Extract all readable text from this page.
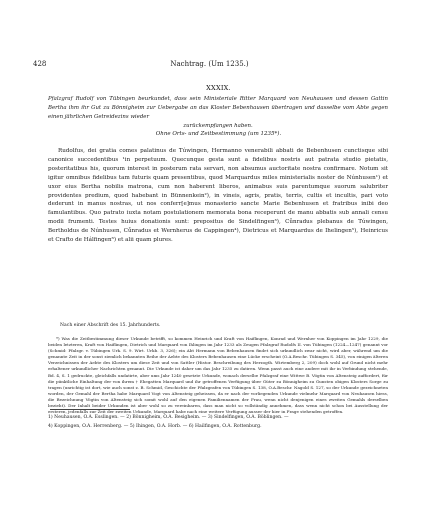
428	Nachtrag. (Um 1235.)
XXXIX.
Pfalzgraf Rudolf von Tübingen beurkundet, dass sein Ministeriale Ritter Marquard von Neuhausen und dessen Gattin Bertha ihm ihr Gut zu Bönnigheim zur Uebergabe an das Kloster Bebenhausen übertragen und dasselbe vom Abte gegen einen jährlichen Getreidezins wieder
zurückempfangen haben.
Ohne Orts- und Zeitbestimmung (um 1235*).

Rudolfus, dei gratia comes palatinus de Túwingen, Hermanno venerabili abbati de Bebenhusen cunctisque sibi canonice succedentibus ¹in perpetuum. Quecunque gesta sunt a fidelibus nostris aut patrata studio pietatis, posteritatibus his, quorum interest in posterum rata servari, non absumus auctoritate nostra confirmare. Notum sit igitur omnibus fidelibus tam futuris quam presentibus, quod Marquardus miles ministerialis noster de Núnhusen¹) et uxor eius Bertha nobilis matrona, cum non haberent liberos, animabus suis parentumque suorum salubriter providentes predium, quod habebant in Bünnenkein²), in vineis, agris, pratis, terris, cultis et incultis, pari voto dederunt in manus nostras, ut nos conferr[e]mus monasterio sancte Marie Bebenhusen et fratribus inibi deo famulantibus. Quo patrato iuxta notam postulationem memorata bona receperunt de manu abbatis sub annali censu modii frumenti. Testes huius donationis sunt: prepositus de Sindelfingen³), Cůnradus plebanus de Túwingen, Bertholdus de Núnhusen, Cůnradus et Wernherus de Cappingen⁴), Dietricus et Marquardus de Ihelingen⁵), Heinricus et Crafto de Hálfingen⁶) et alii quam plures.

Nach einer Abschrift des 15. Jahrhunderts.

*) Was die Zeitbestimmung dieser Urkunde betrifft, so kommen Heinrich und Kraft von Haiflingen, Konrad und Wernher von Koppingen im Jahr 1229, die beiden letzteren, Kraft von Haiflingen, Dietrich und Marquard von Ihlingen im Jahr 1233 als Zeugen Pfalzgraf Rudolfs II. von Tübingen (1224—1247) genannt vor (Schmid: Pfalzgr. v. Tübingen Urk. S. 9. Wirt. Urkb. 3, 326); ein Abt Hermann von Bebenhausen findet sich urkundlich zwar nicht, wird aber, während um die genannte Zeit in der sonst ziemlich bekannten Reihe der Aebte des Klosters Bebenhausen eine Lücke erscheint (O.A.Beschr. Tübingen S. 345), von einigen älteren Verzeichnissen der Aebte des Klosters um diese Zeit und von Sattler (Histor. Beschreibung des Herzogth. Wirtemberg 2, 209) doch wohl auf Grund nicht mehr erhaltener urkundlicher Nachrichten genannt. Die Urkunde ist daher um das Jahr 1235 zu datiren. Wenn passt auch eine andere mit ihr in Verbindung stehende, Bd. 4, S. 1 gedruckte, gleichfalls undatirte, aber ums Jahr 1240 gesetzte Urkunde, wonach derselbe Pfalzgraf eine Wittwe B. Vögtin von Altensteig auffordert, für die pünktliche Einhaltung der von ihrem † Ehegatten Marquard und ihr getroffenen Verfügung über Güter zu Bönnigheim zu Gunsten obigen Klosters Sorge zu tragen (unrichtig ist dort, wie auch sonst z. B. Schmid, Geschichte der Pfalzgrafen von Tübingen S. 138, O.A.Beschr. Nagold S. 127, so der Urkunde gezeichneten worden, der Gemahl der Bertha habe Marquard Vogt von Altensteig geheissen, da er nach der vorliegenden Urkunde vielmehr Marquard von Neuhausen hiess, die Bezeichnung Vögtin von Altensteig sich somit wohl auf den eigenen Familiennamen der Frau, wenn nicht denjenigen eines zweiten Gemahls derselben bezieht). Der Inhalt beider Urkunden ist aber wohl so zu vereinbaren, dass man nicht so vollständig annehmen, dass wenn nicht schon bei Ausstellung der ersteren, jedenfalls zur Zeit der zweiten Urkunde, Marquard habe nach eine weitere Verfügung ausser der hier in Frage stehenden getroffen.

1) Neuhausen, O.A. Esslingen. — 2) Bönnigheim, O.A. Besigheim. — 3) Sindelfingen, O.A. Böblingen. —
4) Koppingen, O.A. Herrenberg. — 5) Ihingen, O.A. Horb. — 6) Hailfingen, O.A. Rottenburg.
